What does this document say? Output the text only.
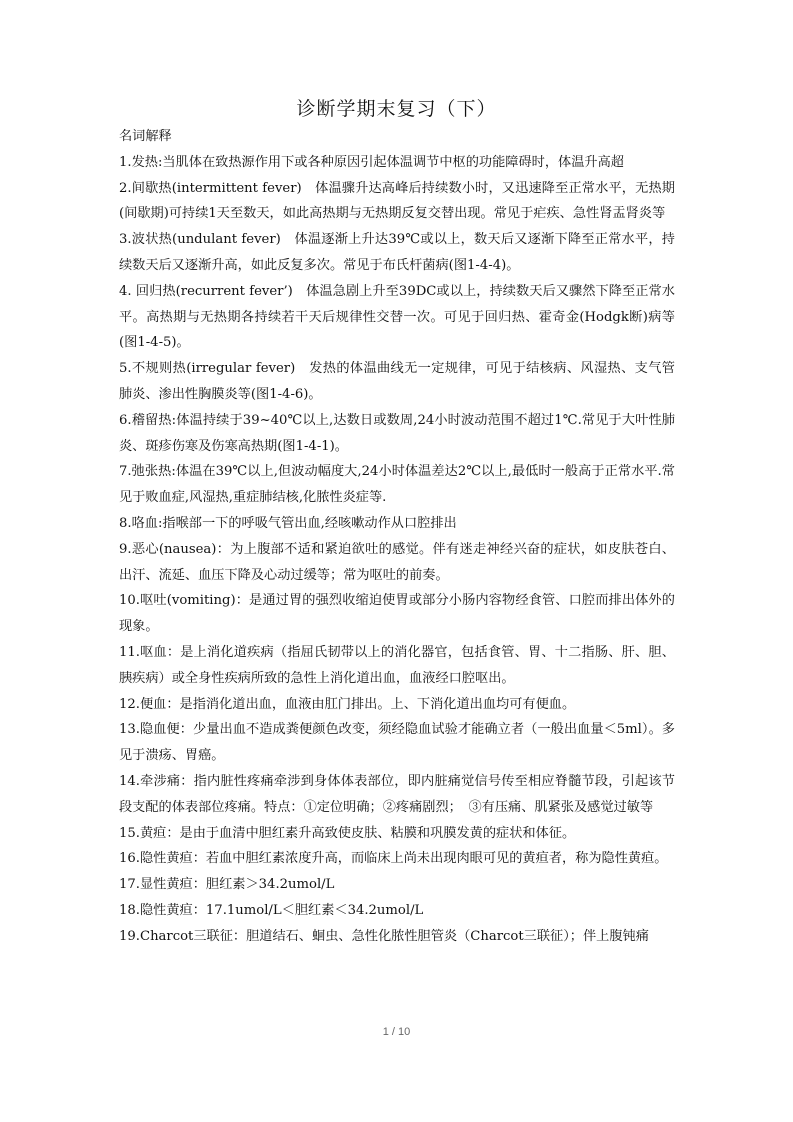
诊断学期末复习（下）

名词解释

1.发热:当肌体在致热源作用下或各种原因引起体温调节中枢的功能障碍时，体温升高超

2.间歇热(intermittent fever)　体温骤升达高峰后持续数小时，又迅速降至正常水平，无热期(间歇期)可持续1天至数天，如此高热期与无热期反复交替出现。常见于疟疾、急性肾盂肾炎等

3.波状热(undulant fever)　体温逐渐上升达39℃或以上，数天后又逐渐下降至正常水平，持续数天后又逐渐升高，如此反复多次。常见于布氏杆菌病(图1-4-4)。

4. 回归热(recurrent fever’)　体温急剧上升至39DC或以上，持续数天后又骤然下降至正常水平。高热期与无热期各持续若干天后规律性交替一次。可见于回归热、霍奇金(Hodgk断)病等(图1-4-5)。

5.不规则热(irregular fever)　发热的体温曲线无一定规律，可见于结核病、风湿热、支气管肺炎、渗出性胸膜炎等(图1-4-6)。

6.稽留热:体温持续于39~40℃以上,达数日或数周,24小时波动范围不超过1℃.常见于大叶性肺炎、斑疹伤寒及伤寒高热期(图1-4-1)。

7.弛张热:体温在39℃以上,但波动幅度大,24小时体温差达2℃以上,最低时一般高于正常水平.常见于败血症,风湿热,重症肺结核,化脓性炎症等.

8.咯血:指喉部一下的呼吸气管出血,经咳嗽动作从口腔排出

9.恶心(nausea)：为上腹部不适和紧迫欲吐的感觉。伴有迷走神经兴奋的症状，如皮肤苍白、出汗、流延、血压下降及心动过缓等；常为呕吐的前奏。

10.呕吐(vomiting)：是通过胃的强烈收缩迫使胃或部分小肠内容物经食管、口腔而排出体外的现象。

11.呕血：是上消化道疾病（指屈氏韧带以上的消化器官，包括食管、胃、十二指肠、肝、胆、胰疾病）或全身性疾病所致的急性上消化道出血，血液经口腔呕出。

12.便血：是指消化道出血，血液由肛门排出。上、下消化道出血均可有便血。

13.隐血便：少量出血不造成粪便颜色改变，须经隐血试验才能确立者（一般出血量＜5ml）。多见于溃疡、胃癌。

14.牵涉痛：指内脏性疼痛牵涉到身体体表部位，即内脏痛觉信号传至相应脊髓节段，引起该节段支配的体表部位疼痛。特点：①定位明确；②疼痛剧烈；　③有压痛、肌紧张及感觉过敏等

15.黄疸：是由于血清中胆红素升高致使皮肤、粘膜和巩膜发黄的症状和体征。

16.隐性黄疸：若血中胆红素浓度升高，而临床上尚未出现肉眼可见的黄疸者，称为隐性黄疸。

17.显性黄疸：胆红素＞34.2umol/L

18.隐性黄疸：17.1umol/L＜胆红素＜34.2umol/L

19.Charcot三联征：胆道结石、蛔虫、急性化脓性胆管炎（Charcot三联征）；伴上腹钝痛

1 / 10
